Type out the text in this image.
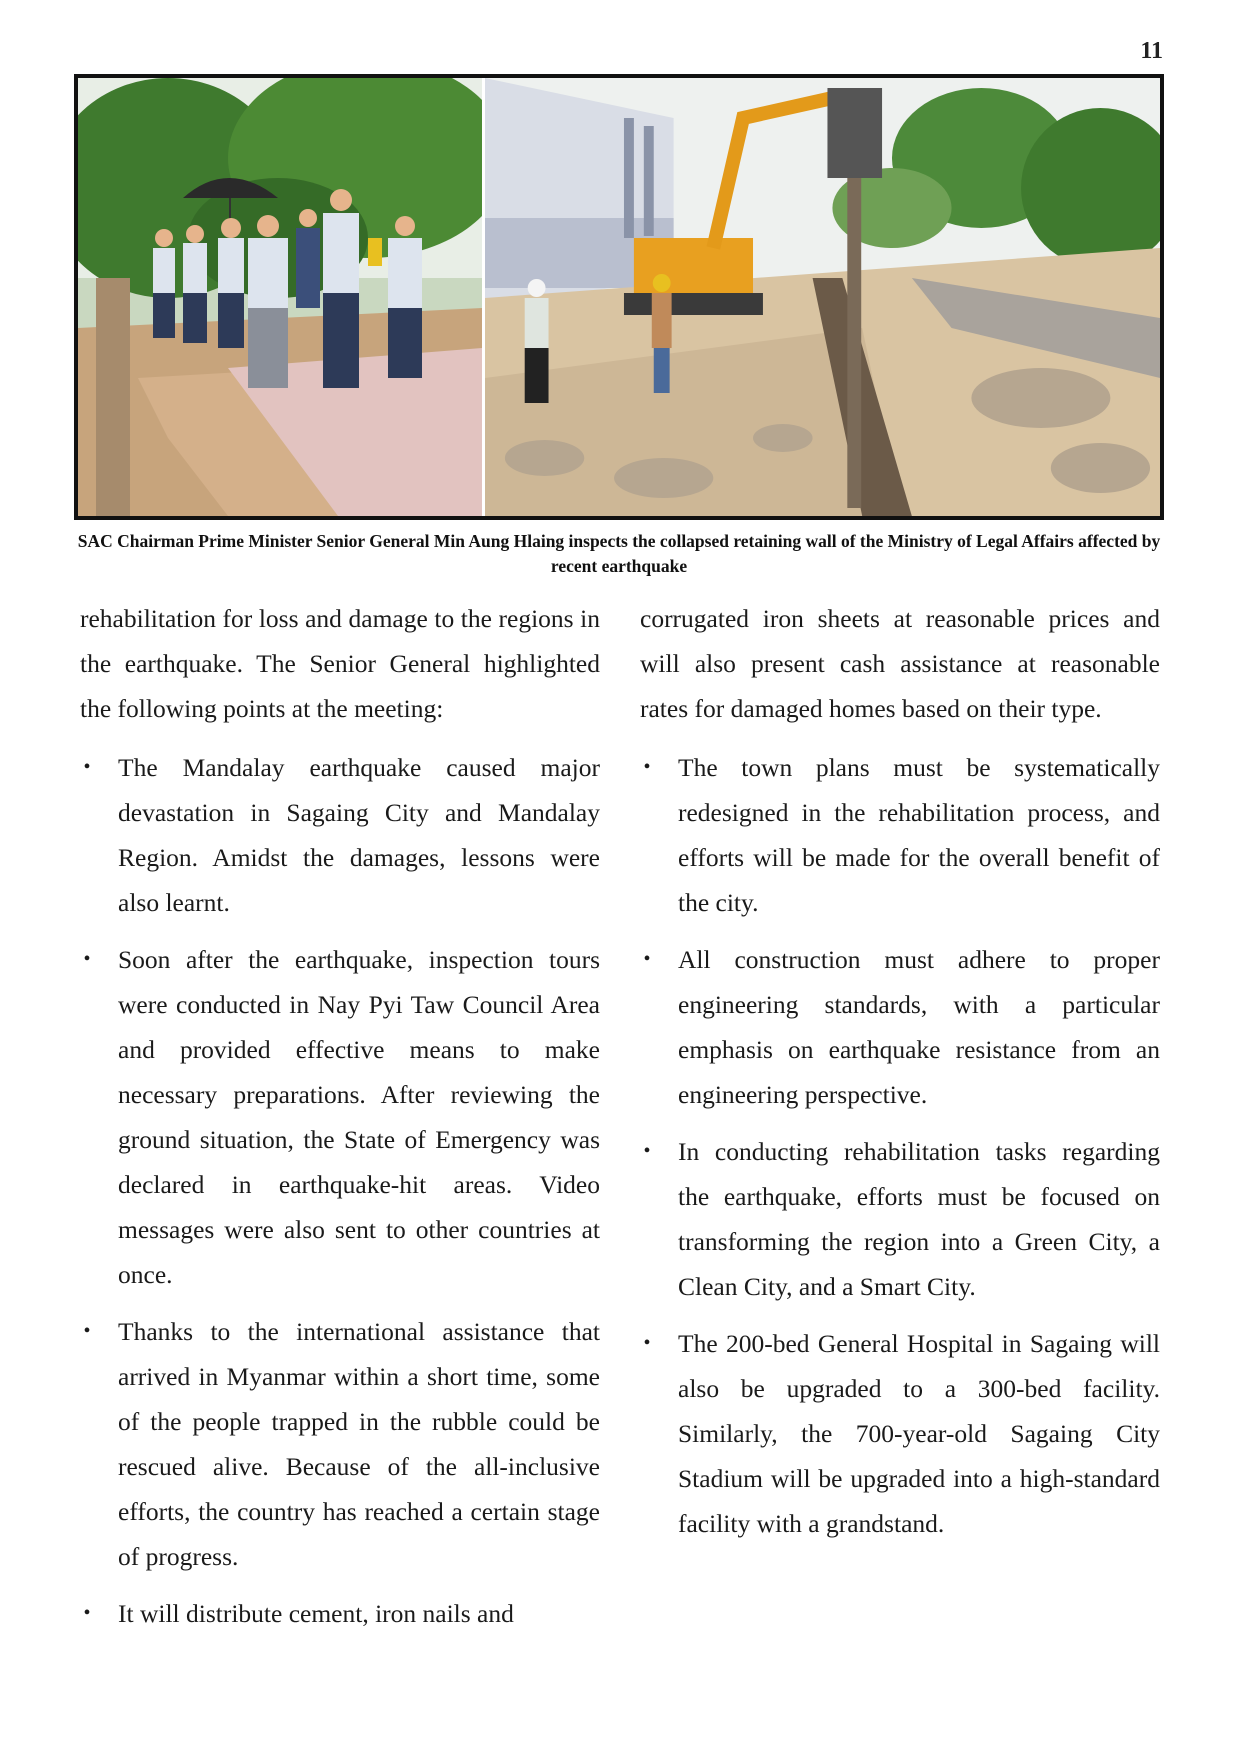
11
SAC Chairman Prime Minister Senior General Min Aung Hlaing inspects the collapsed retaining wall of the Ministry of Legal Affairs affected by recent earthquake

rehabilitation for loss and damage to the regions in the earthquake. The Senior General highlighted the following points at the meeting:

• The Mandalay earthquake caused major devastation in Sagaing City and Mandalay Region. Amidst the damages, lessons were also learnt.
• Soon after the earthquake, inspection tours were conducted in Nay Pyi Taw Council Area and provided effective means to make necessary preparations. After reviewing the ground situation, the State of Emergency was declared in earthquake-hit areas. Video messages were also sent to other countries at once.
• Thanks to the international assistance that arrived in Myanmar within a short time, some of the people trapped in the rubble could be rescued alive. Because of the all-inclusive efforts, the country has reached a certain stage of progress.
• It will distribute cement, iron nails and

corrugated iron sheets at reasonable prices and will also present cash assistance at reasonable rates for damaged homes based on their type.

• The town plans must be systematically redesigned in the rehabilitation process, and efforts will be made for the overall benefit of the city.
• All construction must adhere to proper engineering standards, with a particular emphasis on earthquake resistance from an engineering perspective.
• In conducting rehabilitation tasks regarding the earthquake, efforts must be focused on transforming the region into a Green City, a Clean City, and a Smart City.
• The 200-bed General Hospital in Sagaing will also be upgraded to a 300-bed facility. Similarly, the 700-year-old Sagaing City Stadium will be upgraded into a high-standard facility with a grandstand.
